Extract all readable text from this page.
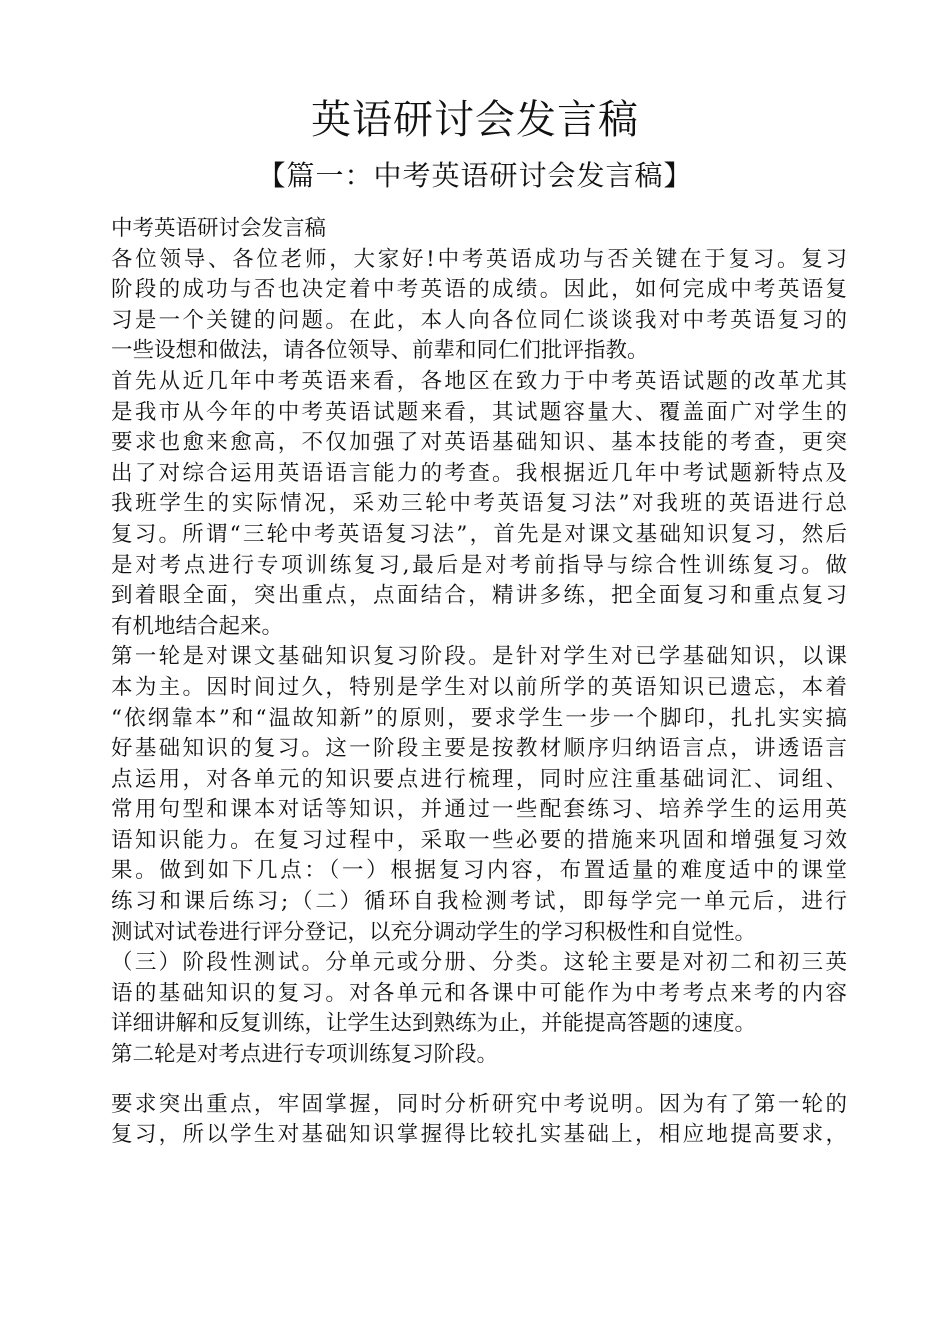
英语研讨会发言稿
【篇一：中考英语研讨会发言稿】
中考英语研讨会发言稿
各位领导、各位老师，大家好!中考英语成功与否关键在于复习。复习
阶段的成功与否也决定着中考英语的成绩。因此，如何完成中考英语复
习是一个关键的问题。在此，本人向各位同仁谈谈我对中考英语复习的
一些设想和做法，请各位领导、前辈和同仁们批评指教。
首先从近几年中考英语来看，各地区在致力于中考英语试题的改革尤其
是我市从今年的中考英语试题来看，其试题容量大、覆盖面广对学生的
要求也愈来愈高，不仅加强了对英语基础知识、基本技能的考查，更突
出了对综合运用英语语言能力的考查。我根据近几年中考试题新特点及
我班学生的实际情况，采劝三轮中考英语复习法”对我班的英语进行总
复习。所谓“三轮中考英语复习法”，首先是对课文基础知识复习，然后
是对考点进行专项训练复习,最后是对考前指导与综合性训练复习。做
到着眼全面，突出重点，点面结合，精讲多练，把全面复习和重点复习
有机地结合起来。
第一轮是对课文基础知识复习阶段。是针对学生对已学基础知识，以课
本为主。因时间过久，特别是学生对以前所学的英语知识已遗忘，本着
“依纲靠本”和“温故知新”的原则，要求学生一步一个脚印，扎扎实实搞
好基础知识的复习。这一阶段主要是按教材顺序归纳语言点，讲透语言
点运用，对各单元的知识要点进行梳理，同时应注重基础词汇、词组、
常用句型和课本对话等知识，并通过一些配套练习、培养学生的运用英
语知识能力。在复习过程中，采取一些必要的措施来巩固和增强复习效
果。做到如下几点：（一）根据复习内容，布置适量的难度适中的课堂
练习和课后练习;（二）循环自我检测考试，即每学完一单元后，进行
测试对试卷进行评分登记，以充分调动学生的学习积极性和自觉性。
（三）阶段性测试。分单元或分册、分类。这轮主要是对初二和初三英
语的基础知识的复习。对各单元和各课中可能作为中考考点来考的内容
详细讲解和反复训练，让学生达到熟练为止，并能提高答题的速度。
第二轮是对考点进行专项训练复习阶段。
要求突出重点，牢固掌握，同时分析研究中考说明。因为有了第一轮的
复习，所以学生对基础知识掌握得比较扎实基础上，相应地提高要求，
